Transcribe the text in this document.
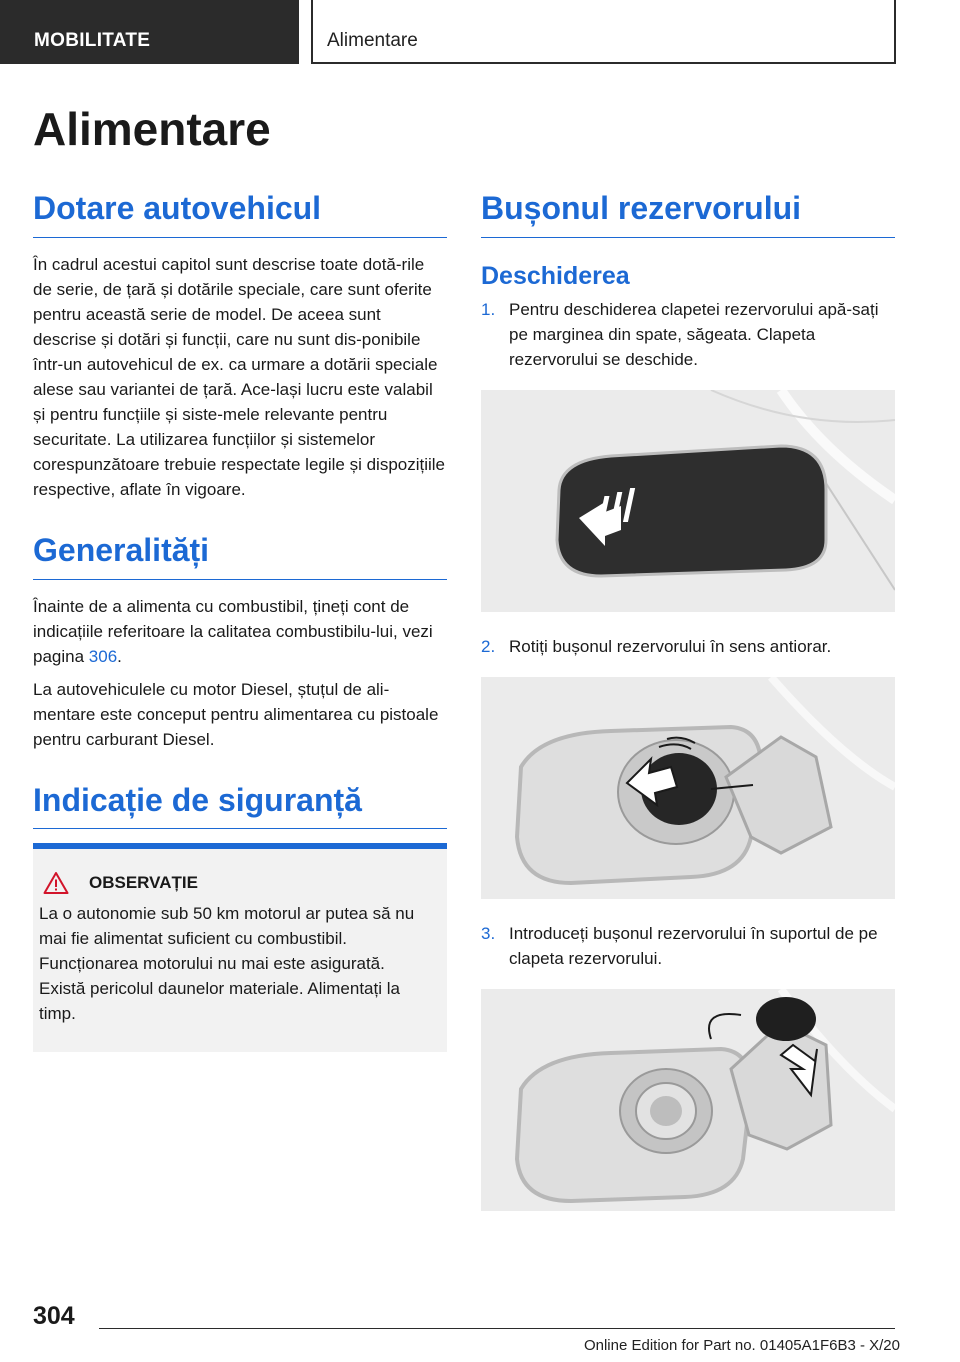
MOBILITATE	Alimentare
Alimentare
Dotare autovehicul

În cadrul acestui capitol sunt descrise toate dotă-rile de serie, de țară și dotările speciale, care sunt oferite pentru această serie de model. De aceea sunt descrise și dotări și funcții, care nu sunt dis-ponibile într-un autovehicul de ex. ca urmare a dotării speciale alese sau variantei de țară. Ace-lași lucru este valabil și pentru funcțiile și siste-mele relevante pentru securitate. La utilizarea funcțiilor și sistemelor corespunzătoare trebuie respectate legile și dispozițiile respective, aflate în vigoare.

Generalități

Înainte de a alimenta cu combustibil, țineți cont de indicațiile referitoare la calitatea combustibilu-lui, vezi pagina 306.

La autovehiculele cu motor Diesel, ștuțul de ali-mentare este conceput pentru alimentarea cu pistoale pentru carburant Diesel.

Indicație de siguranță
OBSERVAȚIE

La o autonomie sub 50 km motorul ar putea să nu mai fie alimentat suficient cu combustibil. Funcționarea motorului nu mai este asigurată. Există pericolul daunelor materiale. Alimentați la timp.

Bușonul rezervorului
Deschiderea
1. Pentru deschiderea clapetei rezervorului apă-sați pe marginea din spate, săgeata. Clapeta rezervorului se deschide.
2. Rotiți bușonul rezervorului în sens antiorar.
3. Introduceți bușonul rezervorului în suportul de pe clapeta rezervorului.
304
Online Edition for Part no. 01405A1F6B3 - X/20
